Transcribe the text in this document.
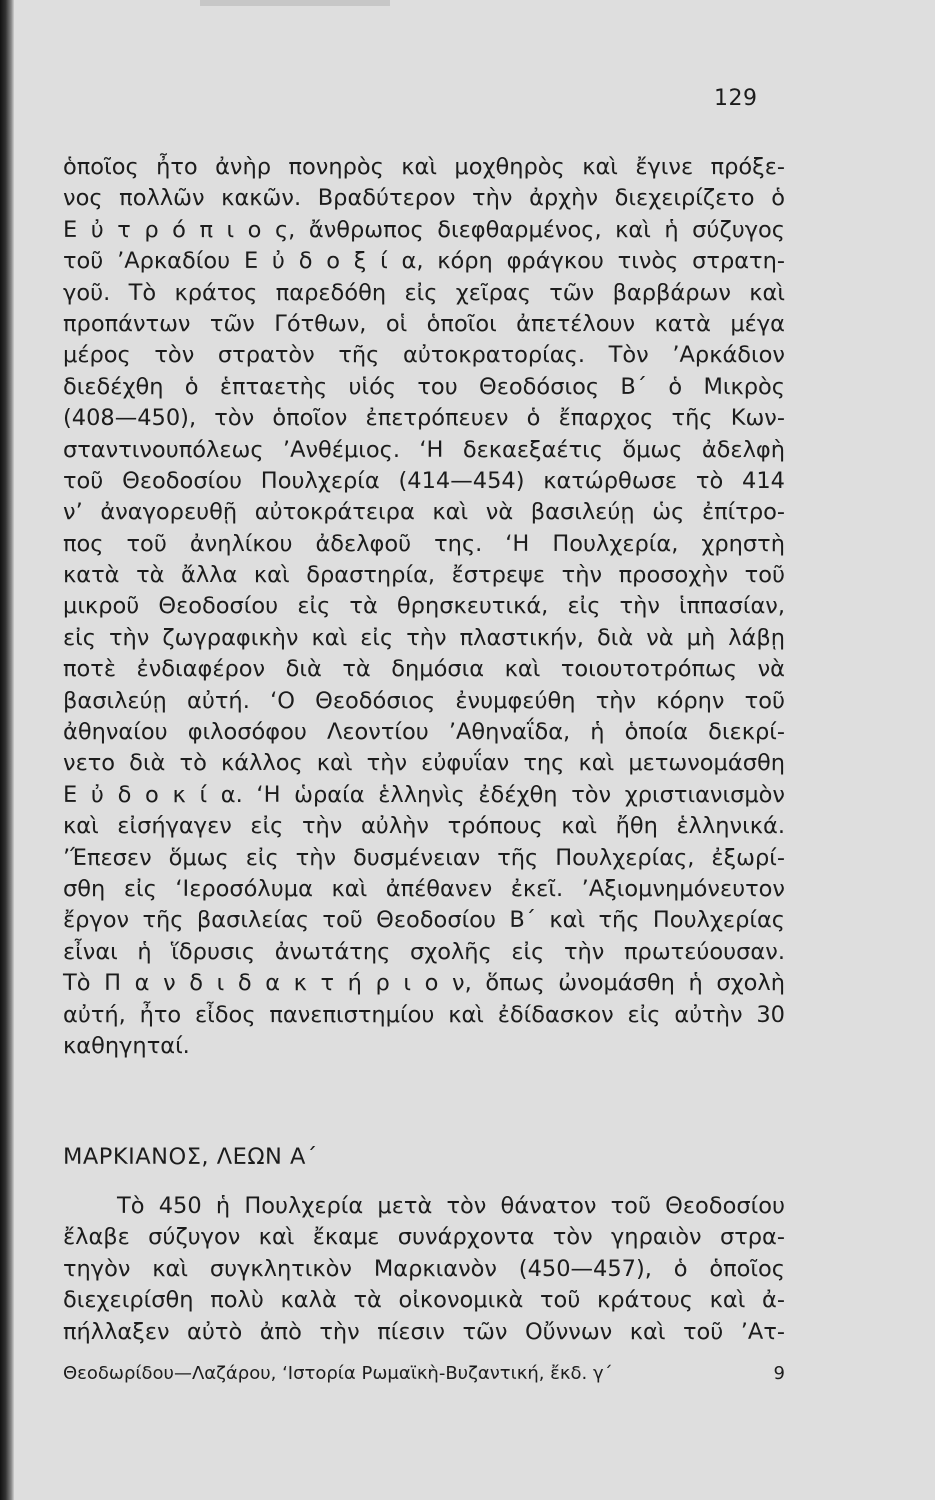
129
ὁποῖος ἦτο ἀνὴρ πονηρὸς καὶ μοχθηρὸς καὶ ἔγινε πρόξε-
νος πολλῶν κακῶν. Βραδύτερον τὴν ἀρχὴν διεχειρίζετο ὁ
Ε ὐ τ ρ ό π ι ο ς, ἄνθρωπος διεφθαρμένος, καὶ ἡ σύζυγος
τοῦ ’Αρκαδίου Ε ὐ δ ο ξ ί α, κόρη φράγκου τινὸς στρατη-
γοῦ. Τὸ κράτος παρεδόθη εἰς χεῖρας τῶν βαρβάρων καὶ
προπάντων τῶν Γότθων, οἱ ὁποῖοι ἀπετέλουν κατὰ μέγα
μέρος τὸν στρατὸν τῆς αὐτοκρατορίας. Τὸν ’Αρκάδιον
διεδέχθη ὁ ἑπταετὴς υἱός του Θεοδόσιος Β΄ ὁ Μικρὸς
(408—450), τὸν ὁποῖον ἐπετρόπευεν ὁ ἔπαρχος τῆς Κων-
σταντινουπόλεως ’Ανθέμιος. ‘Η δεκαεξαέτις ὅμως ἀδελφὴ
τοῦ Θεοδοσίου Πουλχερία (414—454) κατώρθωσε τὸ 414
ν’ ἀναγορευθῇ αὐτοκράτειρα καὶ νὰ βασιλεύῃ ὡς ἐπίτρο-
πος τοῦ ἀνηλίκου ἀδελφοῦ της. ‘Η Πουλχερία, χρηστὴ
κατὰ τὰ ἄλλα καὶ δραστηρία, ἔστρεψε τὴν προσοχὴν τοῦ
μικροῦ Θεοδοσίου εἰς τὰ θρησκευτικά, εἰς τὴν ἱππασίαν,
εἰς τὴν ζωγραφικὴν καὶ εἰς τὴν πλαστικήν, διὰ νὰ μὴ λάβῃ
ποτὲ ἐνδιαφέρον διὰ τὰ δημόσια καὶ τοιουτοτρόπως νὰ
βασιλεύῃ αὐτή. ‘Ο Θεοδόσιος ἐνυμφεύθη τὴν κόρην τοῦ
ἀθηναίου φιλοσόφου Λεοντίου ’Αθηναΐδα, ἡ ὁποία διεκρί-
νετο διὰ τὸ κάλλος καὶ τὴν εὐφυΐαν της καὶ μετωνομάσθη
Ε ὐ δ ο κ ί α. ‘Η ὡραία ἑλληνὶς ἐδέχθη τὸν χριστιανισμὸν
καὶ εἰσήγαγεν εἰς τὴν αὐλὴν τρόπους καὶ ἤθη ἑλληνικά.
’Έπεσεν ὅμως εἰς τὴν δυσμένειαν τῆς Πουλχερίας, ἐξωρί-
σθη εἰς ‘Ιεροσόλυμα καὶ ἀπέθανεν ἐκεῖ. ’Αξιομνημόνευτον
ἔργον τῆς βασιλείας τοῦ Θεοδοσίου Β΄ καὶ τῆς Πουλχερίας
εἶναι ἡ ἵδρυσις ἀνωτάτης σχολῆς εἰς τὴν πρωτεύουσαν.
Τὸ Π α ν δ ι δ α κ τ ή ρ ι ο ν, ὅπως ὠνομάσθη ἡ σχολὴ
αὐτή, ἦτο εἶδος πανεπιστημίου καὶ ἐδίδασκον εἰς αὐτὴν 30
καθηγηταί.
ΜΑΡΚΙΑΝΟΣ, ΛΕΩΝ Α΄
Τὸ 450 ἡ Πουλχερία μετὰ τὸν θάνατον τοῦ Θεοδοσίου
ἔλαβε σύζυγον καὶ ἔκαμε συνάρχοντα τὸν γηραιὸν στρα-
τηγὸν καὶ συγκλητικὸν Μαρκιανὸν (450—457), ὁ ὁποῖος
διεχειρίσθη πολὺ καλὰ τὰ οἰκονομικὰ τοῦ κράτους καὶ ἀ-
πήλλαξεν αὐτὸ ἀπὸ τὴν πίεσιν τῶν Οὔννων καὶ τοῦ ’Ατ-
Θεοδωρίδου—Λαζάρου, ‘Ιστορία Ρωμαϊκὴ-Βυζαντική, ἔκδ. γ΄	9
